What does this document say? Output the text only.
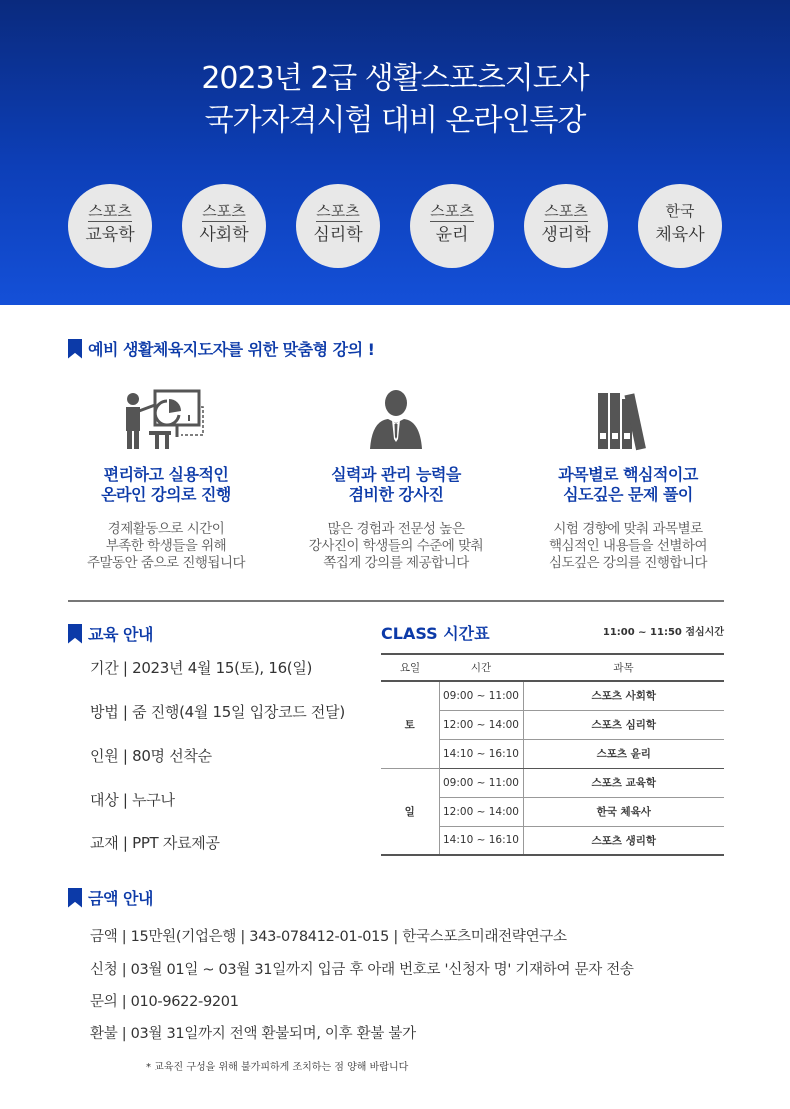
2023년 2급 생활스포츠지도사
국가자격시험 대비 온라인특강
스포츠
교육학
스포츠
사회학
스포츠
심리학
스포츠
윤리
스포츠
생리학
한국
체육사
예비 생활체육지도자를 위한 맞춤형 강의 !
편리하고 실용적인
온라인 강의로 진행
경제활동으로 시간이
부족한 학생들을 위해
주말동안 줌으로 진행됩니다
실력과 관리 능력을
겸비한 강사진
많은 경험과 전문성 높은
강사진이 학생들의 수준에 맞춰
쪽집게 강의를 제공합니다
과목별로 핵심적이고
심도깊은 문제 풀이
시험 경향에 맞춰 과목별로
핵심적인 내용들을 선별하여
심도깊은 강의를 진행합니다
교육 안내
기간 | 2023년 4월 15(토), 16(일)
방법 | 줌 진행(4월 15일 입장코드 전달)
인원 | 80명 선착순
대상 | 누구나
교재 | PPT 자료제공
CLASS 시간표	11:00 ~ 11:50 점심시간
요일	시간	과목
토	09:00 ~ 11:00	스포츠 사회학
	12:00 ~ 14:00	스포츠 심리학
	14:10 ~ 16:10	스포츠 윤리
일	09:00 ~ 11:00	스포츠 교육학
	12:00 ~ 14:00	한국 체육사
	14:10 ~ 16:10	스포츠 생리학
금액 안내
금액 | 15만원(기업은행 | 343-078412-01-015 | 한국스포츠미래전략연구소
신청 | 03월 01일 ~ 03월 31일까지 입금 후 아래 번호로 '신청자 명' 기재하여 문자 전송
문의 | 010-9622-9201
환불 | 03월 31일까지 전액 환불되며, 이후 환불 불가
* 교육진 구성을 위해 불가피하게 조치하는 점 양해 바랍니다
